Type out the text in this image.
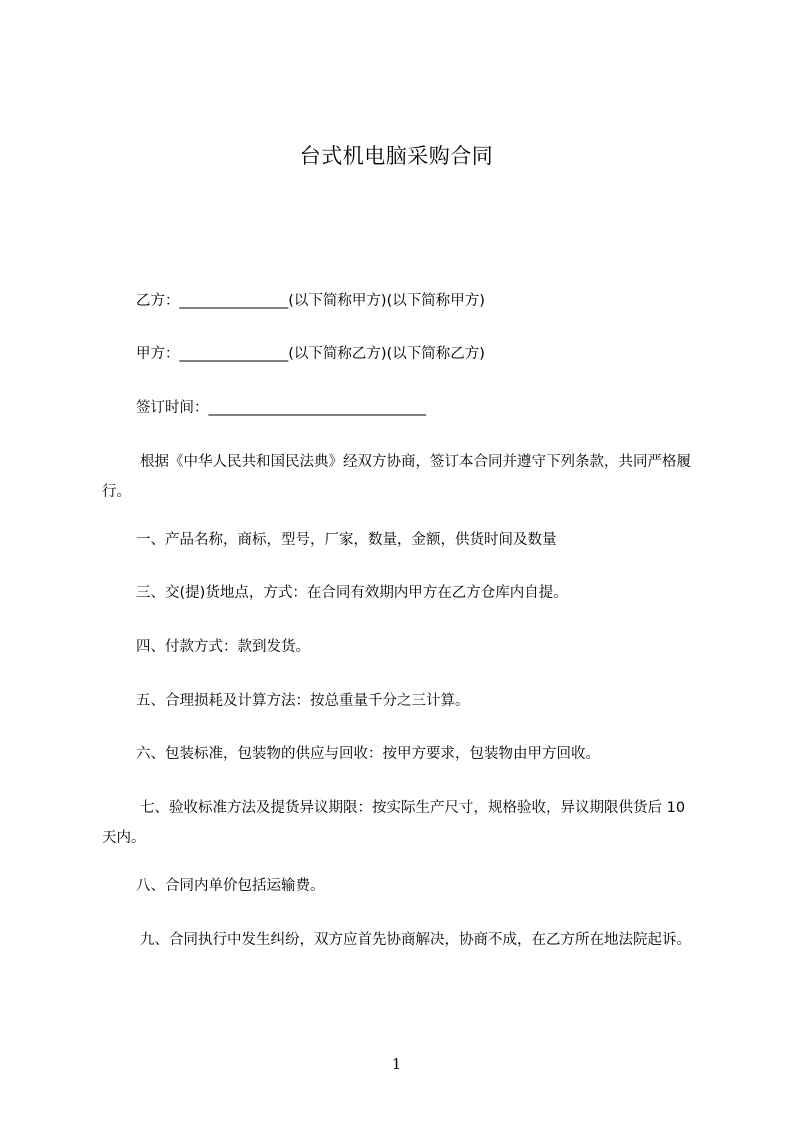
台式机电脑采购合同

乙方：_______________(以下简称甲方)(以下简称甲方)

甲方：_______________(以下简称乙方)(以下简称乙方)

签订时间：______________________________

根据《中华人民共和国民法典》经双方协商，签订本合同并遵守下列条款，共同严格履行。

一、产品名称，商标，型号，厂家，数量，金额，供货时间及数量

三、交(提)货地点，方式：在合同有效期内甲方在乙方仓库内自提。

四、付款方式：款到发货。

五、合理损耗及计算方法：按总重量千分之三计算。

六、包装标准，包装物的供应与回收：按甲方要求，包装物由甲方回收。

七、验收标准方法及提货异议期限：按实际生产尺寸，规格验收，异议期限供货后 10 天内。

八、合同内单价包括运输费。

九、合同执行中发生纠纷，双方应首先协商解决，协商不成，在乙方所在地法院起诉。

1
